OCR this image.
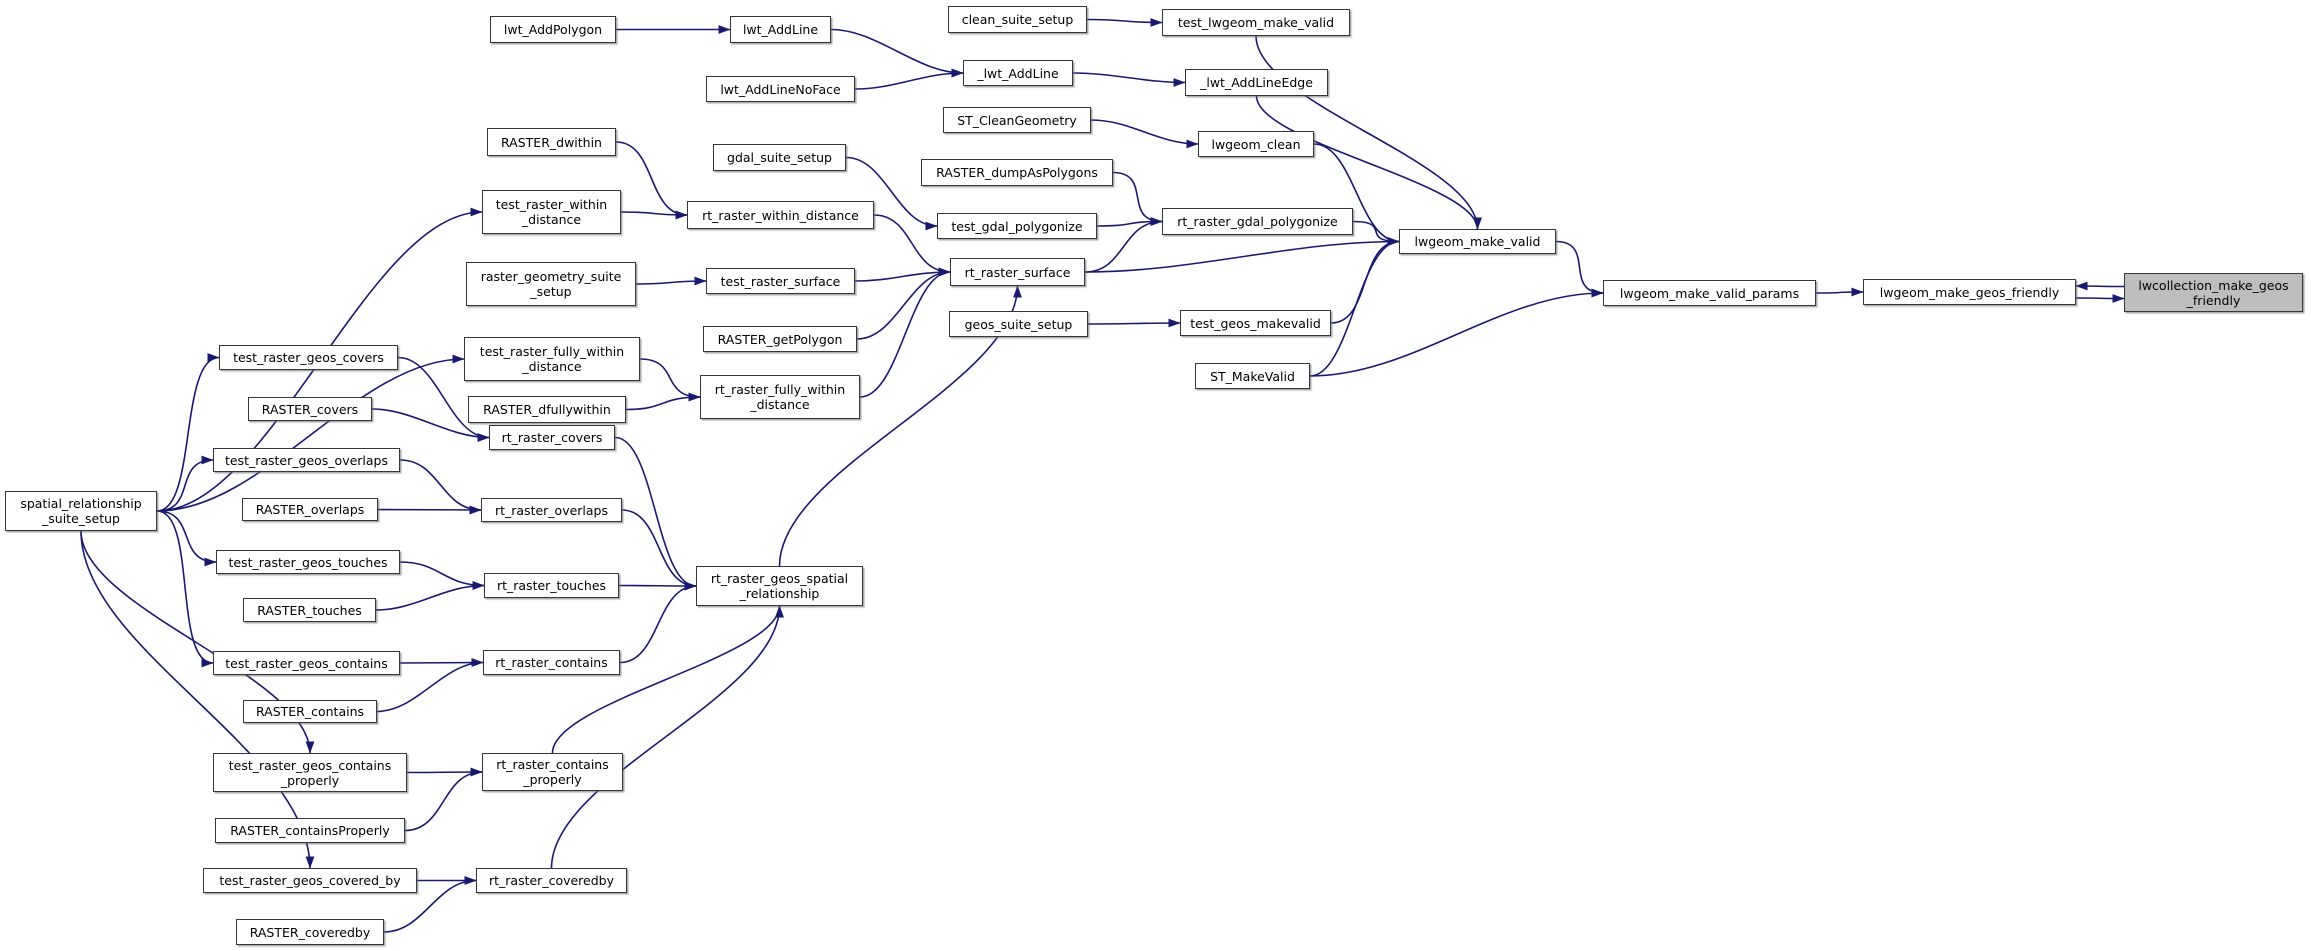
lwt_AddPolygon	lwt_AddLine
clean_suite_setup	test_lwgeom_make_valid
lwt_AddLineNoFace
_lwt_AddLine
_lwt_AddLineEdge
ST_CleanGeometry
lwgeom_clean
RASTER_dwithin
gdal_suite_setup
test_raster_within
_distance	rt_raster_within_distance
RASTER_dumpAsPolygons
test_gdal_polygonize	rt_raster_gdal_polygonize
raster_geometry_suite
_setup
test_raster_surface
rt_raster_surface
RASTER_getPolygon
geos_suite_setup	test_geos_makevalid
ST_MakeValid
test_raster_fully_within
_distance
RASTER_dfullywithin
rt_raster_fully_within
_distance
test_raster_geos_covers
RASTER_covers
rt_raster_covers
test_raster_geos_overlaps
RASTER_overlaps	rt_raster_overlaps
test_raster_geos_touches
RASTER_touches
rt_raster_touches
test_raster_geos_contains
RASTER_contains
rt_raster_contains
test_raster_geos_contains
_properly
RASTER_containsProperly
rt_raster_contains
_properly
test_raster_geos_covered_by
RASTER_coveredby
rt_raster_coveredby
rt_raster_geos_spatial
_relationship
spatial_relationship
_suite_setup
lwgeom_make_valid
lwgeom_make_valid_params	lwgeom_make_geos_friendly	lwcollection_make_geos
_friendly
